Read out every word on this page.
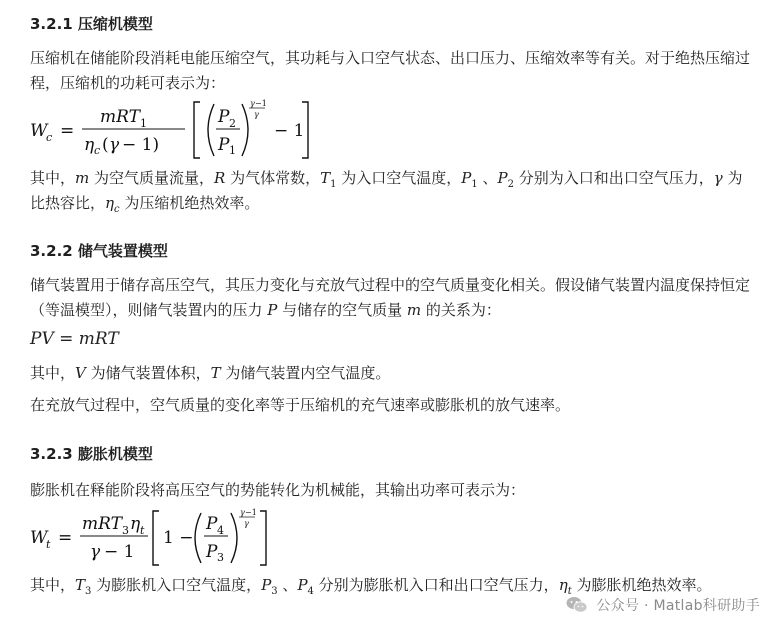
3.2.1 压缩机模型

压缩机在储能阶段消耗电能压缩空气，其功耗与入口空气状态、出口压力、压缩效率等有关。对于绝热压缩过程，压缩机的功耗可表示为：

W
c =
mRT 1
η c ( γ − 1)
P 2
P 1
γ −1
γ
− 1

其中，m 为空气质量流量，R 为气体常数，$T_1$ 为入口空气温度，$P_1$ 、$P_2$ 分别为入口和出口空气压力，γ 为比热容比，$\eta_c$ 为压缩机绝热效率。

3.2.2 储气装置模型

储气装置用于储存高压空气，其压力变化与充放气过程中的空气质量变化相关。假设储气装置内温度保持恒定（等温模型），则储气装置内的压力 P 与储存的空气质量 m 的关系为：

PV = mRT

其中，V 为储气装置体积，T 为储气装置内空气温度。

在充放气过程中，空气质量的变化率等于压缩机的充气速率或膨胀机的放气速率。

3.2.3 膨胀机模型

膨胀机在释能阶段将高压空气的势能转化为机械能，其输出功率可表示为：

W
t =
mRT 3 η t
γ − 1
1 −
P 4
P 3
γ −1
γ

其中，$T_3$ 为膨胀机入口空气温度，$P_3$ 、$P_4$ 分别为膨胀机入口和出口空气压力，$\eta_t$ 为膨胀机绝热效率。

公众号 · Matlab科研助手
